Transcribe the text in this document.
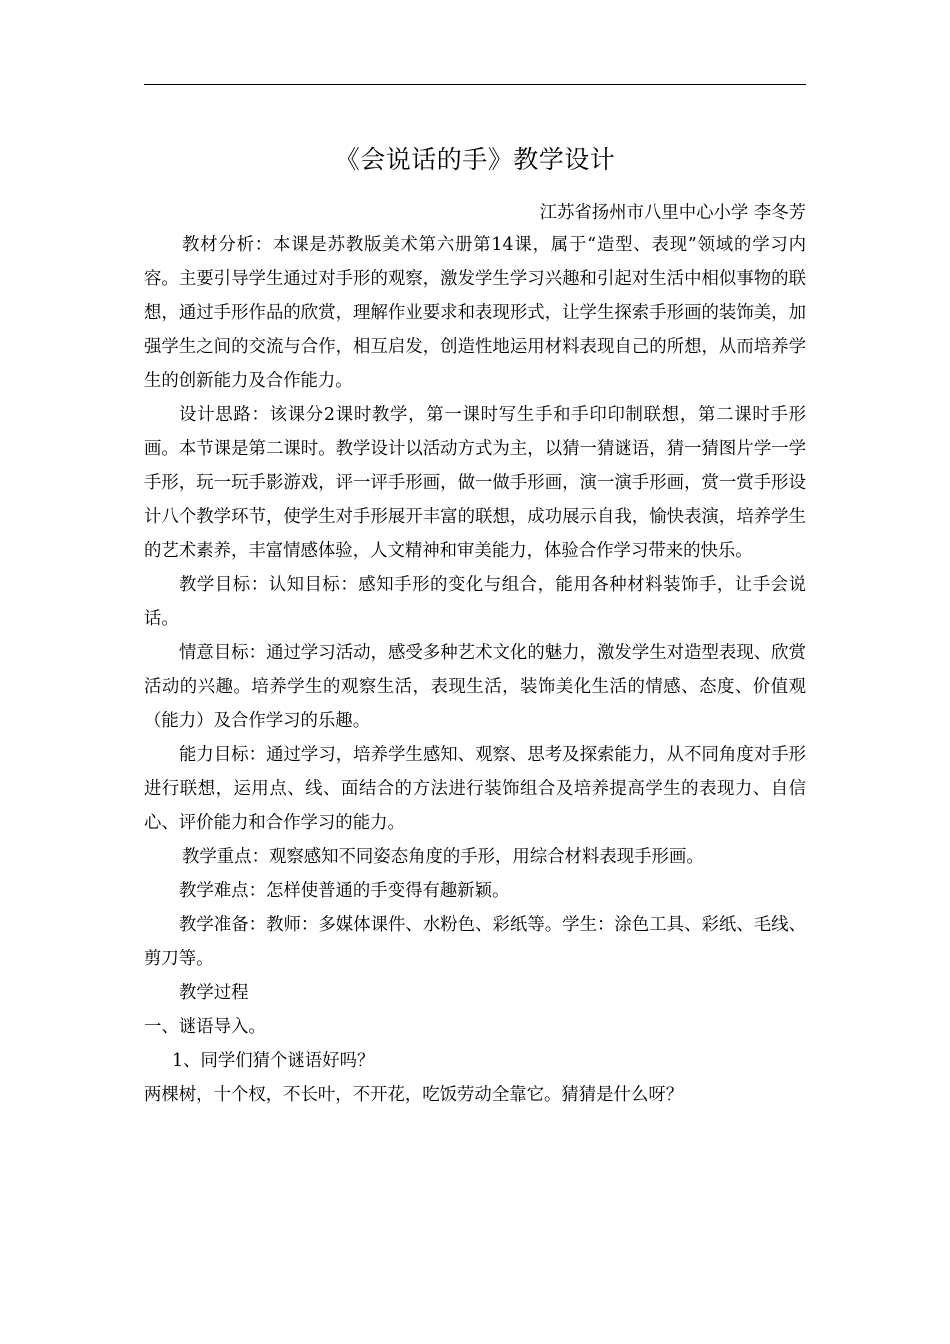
《会说话的手》教学设计
江苏省扬州市八里中心小学 李冬芳

教材分析：本课是苏教版美术第六册第14课，属于“造型、表现”领域的学习内容。主要引导学生通过对手形的观察，激发学生学习兴趣和引起对生活中相似事物的联想，通过手形作品的欣赏，理解作业要求和表现形式，让学生探索手形画的装饰美，加强学生之间的交流与合作，相互启发，创造性地运用材料表现自己的所想，从而培养学生的创新能力及合作能力。

设计思路：该课分2课时教学，第一课时写生手和手印印制联想，第二课时手形画。本节课是第二课时。教学设计以活动方式为主，以猜一猜谜语，猜一猜图片学一学手形，玩一玩手影游戏，评一评手形画，做一做手形画，演一演手形画，赏一赏手形设计八个教学环节，使学生对手形展开丰富的联想，成功展示自我，愉快表演，培养学生的艺术素养，丰富情感体验，人文精神和审美能力，体验合作学习带来的快乐。

教学目标：认知目标：感知手形的变化与组合，能用各种材料装饰手，让手会说话。

情意目标：通过学习活动，感受多种艺术文化的魅力，激发学生对造型表现、欣赏活动的兴趣。培养学生的观察生活，表现生活，装饰美化生活的情感、态度、价值观（能力）及合作学习的乐趣。

能力目标：通过学习，培养学生感知、观察、思考及探索能力，从不同角度对手形进行联想，运用点、线、面结合的方法进行装饰组合及培养提高学生的表现力、自信心、评价能力和合作学习的能力。

教学重点：观察感知不同姿态角度的手形，用综合材料表现手形画。

教学难点：怎样使普通的手变得有趣新颖。

教学准备：教师：多媒体课件、水粉色、彩纸等。学生：涂色工具、彩纸、毛线、剪刀等。

教学过程

一、谜语导入。

1、同学们猜个谜语好吗？

两棵树，十个杈，不长叶，不开花，吃饭劳动全靠它。猜猜是什么呀？
